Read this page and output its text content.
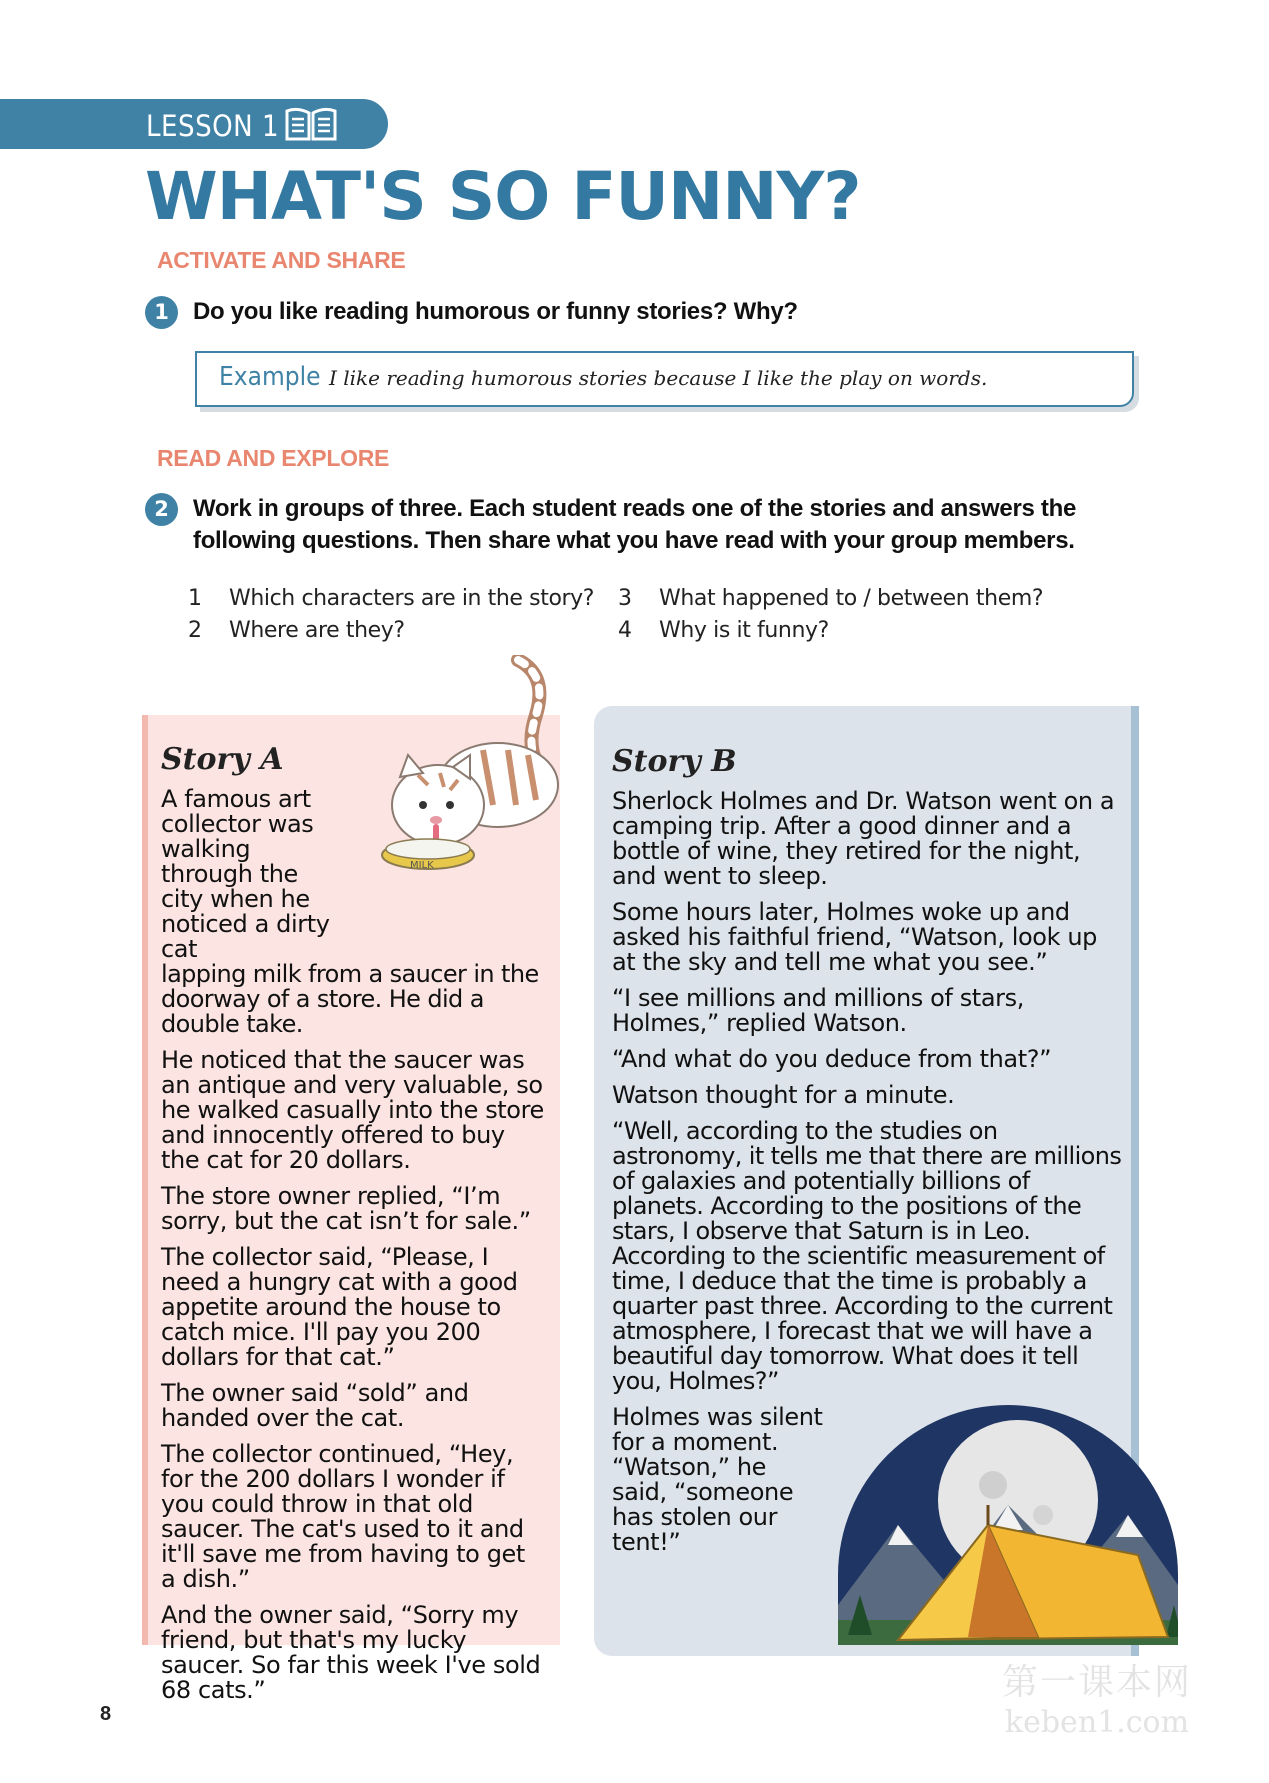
LESSON 1
WHAT'S SO FUNNY?
ACTIVATE AND SHARE
1	Do you like reading humorous or funny stories? Why?

Example I like reading humorous stories because I like the play on words.
READ AND EXPLORE
2	Work in groups of three. Each student reads one of the stories and answers the following questions. Then share what you have read with your group members.

1 Which characters are in the story?
2 Where are they?
3 What happened to / between them?
4 Why is it funny?
Story A

A famous art collector was walking through the city when he noticed a dirty cat

lapping milk from a saucer in the doorway of a store. He did a double take.

He noticed that the saucer was an antique and very valuable, so he walked casually into the store and innocently offered to buy the cat for 20 dollars.

The store owner replied, “I’m sorry, but the cat isn’t for sale.”

The collector said, “Please, I need a hungry cat with a good appetite around the house to catch mice. I'll pay you 200 dollars for that cat.”

The owner said “sold” and handed over the cat.

The collector continued, “Hey, for the 200 dollars I wonder if you could throw in that old saucer. The cat's used to it and it'll save me from having to get a dish.”

And the owner said, “Sorry my friend, but that's my lucky saucer. So far this week I've sold 68 cats.”

MILK
Story B

Sherlock Holmes and Dr. Watson went on a camping trip. After a good dinner and a bottle of wine, they retired for the night, and went to sleep.

Some hours later, Holmes woke up and asked his faithful friend, “Watson, look up at the sky and tell me what you see.”

“I see millions and millions of stars, Holmes,” replied Watson.

“And what do you deduce from that?”

Watson thought for a minute.

“Well, according to the studies on astronomy, it tells me that there are millions of galaxies and potentially billions of planets. According to the positions of the stars, I observe that Saturn is in Leo. According to the scientific measurement of time, I deduce that the time is probably a quarter past three. According to the current atmosphere, I forecast that we will have a beautiful day tomorrow. What does it tell you, Holmes?”

Holmes was silent for a moment. “Watson,” he said, “someone has stolen our tent!”

8
第一课本网
keben1.com
